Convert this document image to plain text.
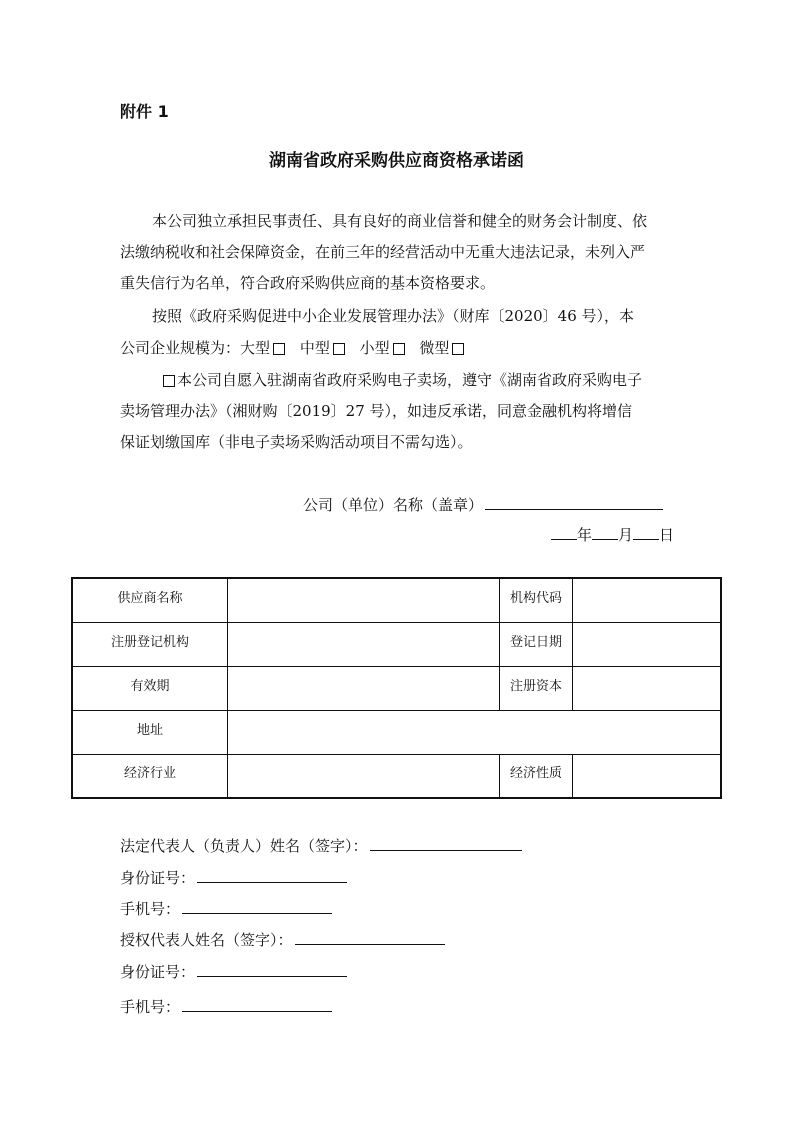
附件 1
湖南省政府采购供应商资格承诺函
本公司独立承担民事责任、具有良好的商业信誉和健全的财务会计制度、依
法缴纳税收和社会保障资金，在前三年的经营活动中无重大违法记录，未列入严
重失信行为名单，符合政府采购供应商的基本资格要求。
按照《政府采购促进中小企业发展管理办法》（财库〔2020〕46 号），本
公司企业规模为：大型 中型 小型 微型
本公司自愿入驻湖南省政府采购电子卖场，遵守《湖南省政府采购电子
卖场管理办法》（湘财购〔2019〕27 号），如违反承诺，同意金融机构将增信
保证划缴国库（非电子卖场采购活动项目不需勾选）。
公司（单位）名称（盖章）
年 月 日
供应商名称		机构代码	
注册登记机构		登记日期	
有效期		注册资本	
地址			
经济行业		经济性质	
法定代表人（负责人）姓名（签字）：
身份证号：
手机号：
授权代表人姓名（签字）：
身份证号：
手机号：
